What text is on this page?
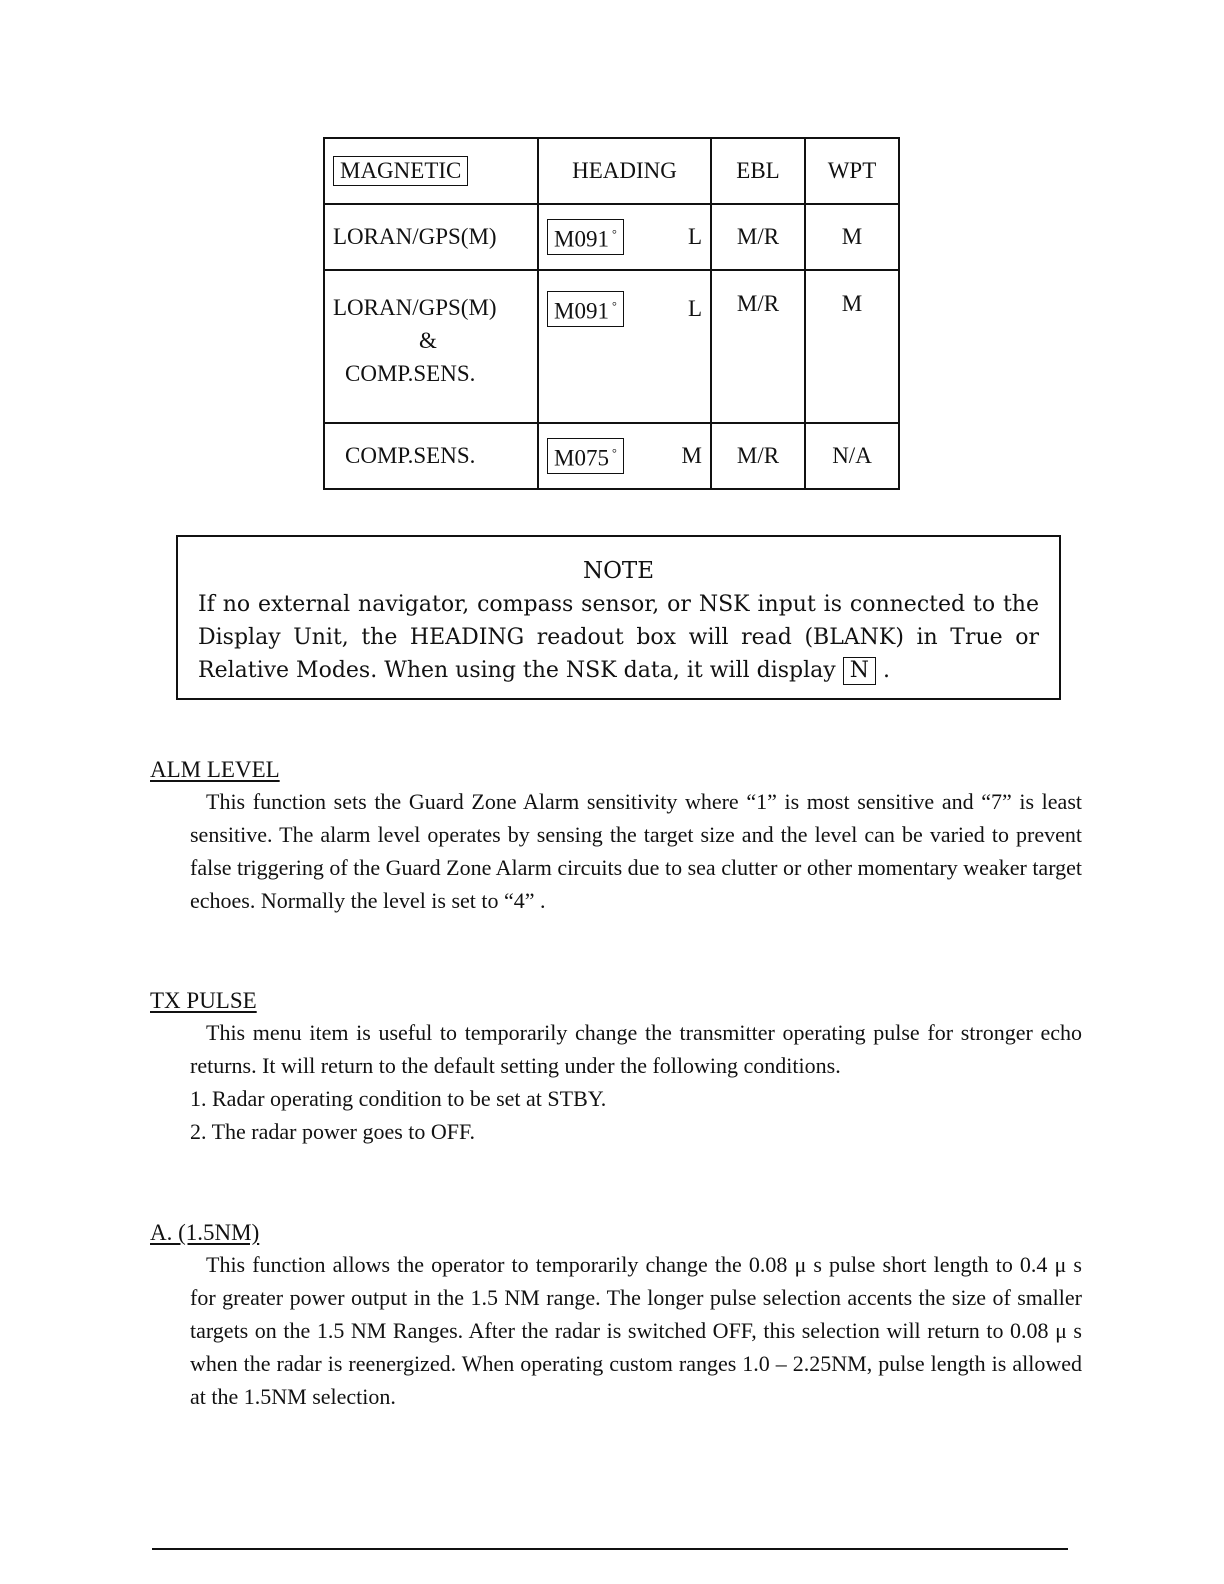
MAGNETIC	HEADING	EBL	WPT
LORAN/GPS(M)	M091 ° L	M/R	M

LORAN/GPS(M)
&
COMP.SENS.	M091 ° L	M/R	M
COMP.SENS.	M075 ° M	M/R	N/A
NOTE
If no external navigator, compass sensor, or NSK input is connected to the Display Unit, the HEADING readout box will read (BLANK) in True or Relative Modes. When using the NSK data, it will display N .
ALM LEVEL

This function sets the Guard Zone Alarm sensitivity where “1” is most sensitive and “7” is least sensitive. The alarm level operates by sensing the target size and the level can be varied to prevent false triggering of the Guard Zone Alarm circuits due to sea clutter or other momentary weaker target echoes. Normally the level is set to “4” .

TX PULSE

This menu item is useful to temporarily change the transmitter operating pulse for stronger echo returns. It will return to the default setting under the following conditions.

1. Radar operating condition to be set at STBY.

2. The radar power goes to OFF.

A. (1.5NM)

This function allows the operator to temporarily change the 0.08 μ s pulse short length to 0.4 μ s for greater power output in the 1.5 NM range. The longer pulse selection accents the size of smaller targets on the 1.5 NM Ranges. After the radar is switched OFF, this selection will return to 0.08 μ s when the radar is reenergized. When operating custom ranges 1.0 – 2.25NM, pulse length is allowed at the 1.5NM selection.
